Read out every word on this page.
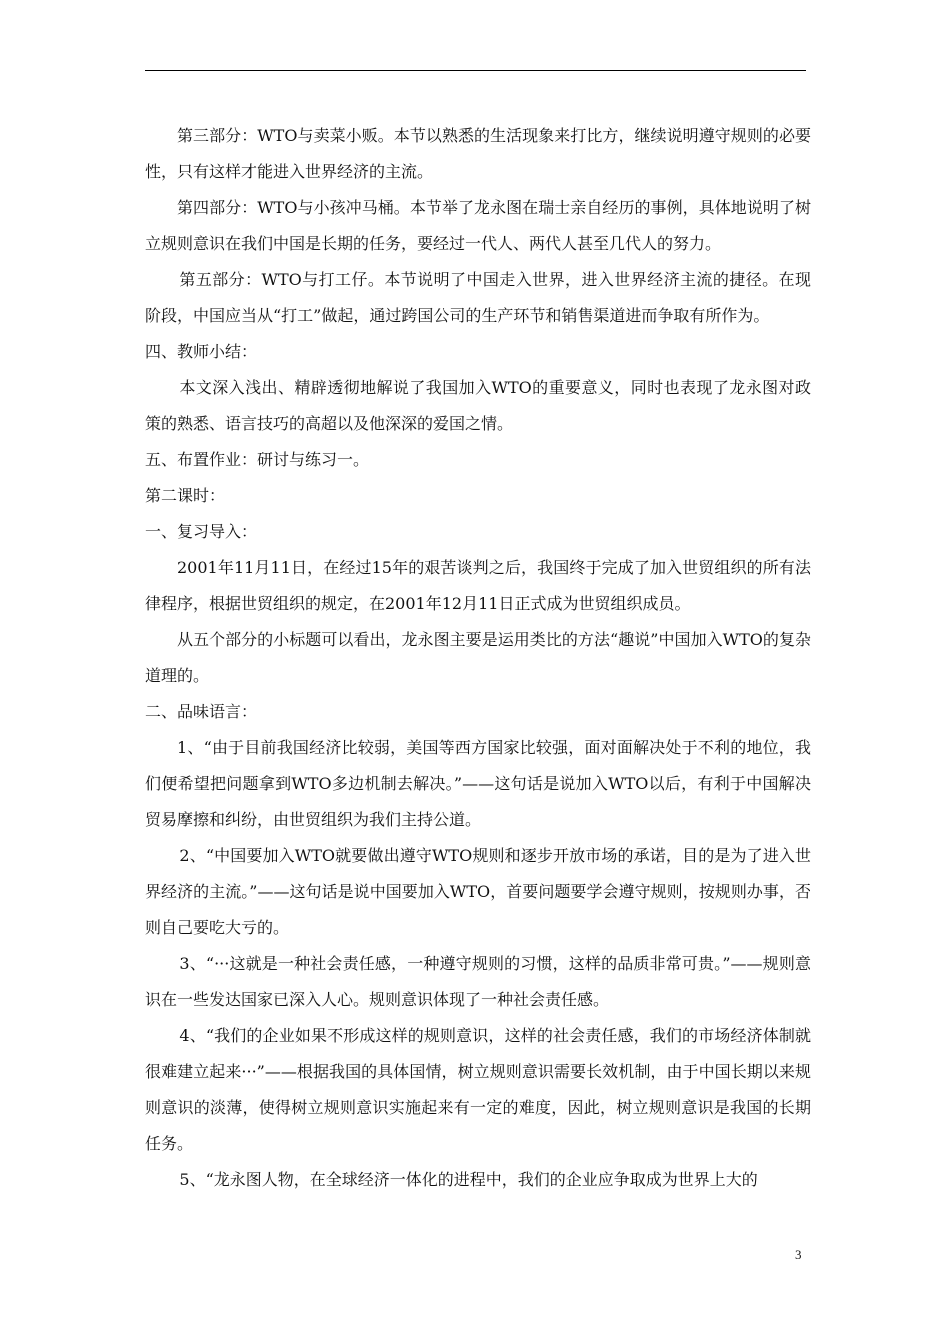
第三部分：WTO与卖菜小贩。本节以熟悉的生活现象来打比方，继续说明遵守规则的必要性，只有这样才能进入世界经济的主流。

第四部分：WTO与小孩冲马桶。本节举了龙永图在瑞士亲自经历的事例，具体地说明了树立规则意识在我们中国是长期的任务，要经过一代人、两代人甚至几代人的努力。

第五部分：WTO与打工仔。本节说明了中国走入世界，进入世界经济主流的捷径。在现阶段，中国应当从“打工”做起，通过跨国公司的生产环节和销售渠道进而争取有所作为。

四、教师小结：

本文深入浅出、精辟透彻地解说了我国加入WTO的重要意义，同时也表现了龙永图对政策的熟悉、语言技巧的高超以及他深深的爱国之情。

五、布置作业：研讨与练习一。

第二课时：

一、复习导入：

2001年11月11日，在经过15年的艰苦谈判之后，我国终于完成了加入世贸组织的所有法律程序，根据世贸组织的规定，在2001年12月11日正式成为世贸组织成员。

从五个部分的小标题可以看出，龙永图主要是运用类比的方法“趣说”中国加入WTO的复杂道理的。

二、品味语言：

1、“由于目前我国经济比较弱，美国等西方国家比较强，面对面解决处于不利的地位，我们便希望把问题拿到WTO多边机制去解决。”——这句话是说加入WTO以后，有利于中国解决贸易摩擦和纠纷，由世贸组织为我们主持公道。

2、“中国要加入WTO就要做出遵守WTO规则和逐步开放市场的承诺，目的是为了进入世界经济的主流。”——这句话是说中国要加入WTO，首要问题要学会遵守规则，按规则办事，否则自己要吃大亏的。

3、“···这就是一种社会责任感，一种遵守规则的习惯，这样的品质非常可贵。”——规则意识在一些发达国家已深入人心。规则意识体现了一种社会责任感。

4、“我们的企业如果不形成这样的规则意识，这样的社会责任感，我们的市场经济体制就很难建立起来···”——根据我国的具体国情，树立规则意识需要长效机制，由于中国长期以来规则意识的淡薄，使得树立规则意识实施起来有一定的难度，因此，树立规则意识是我国的长期任务。

5、“龙永图人物，在全球经济一体化的进程中，我们的企业应争取成为世界上大的

3
